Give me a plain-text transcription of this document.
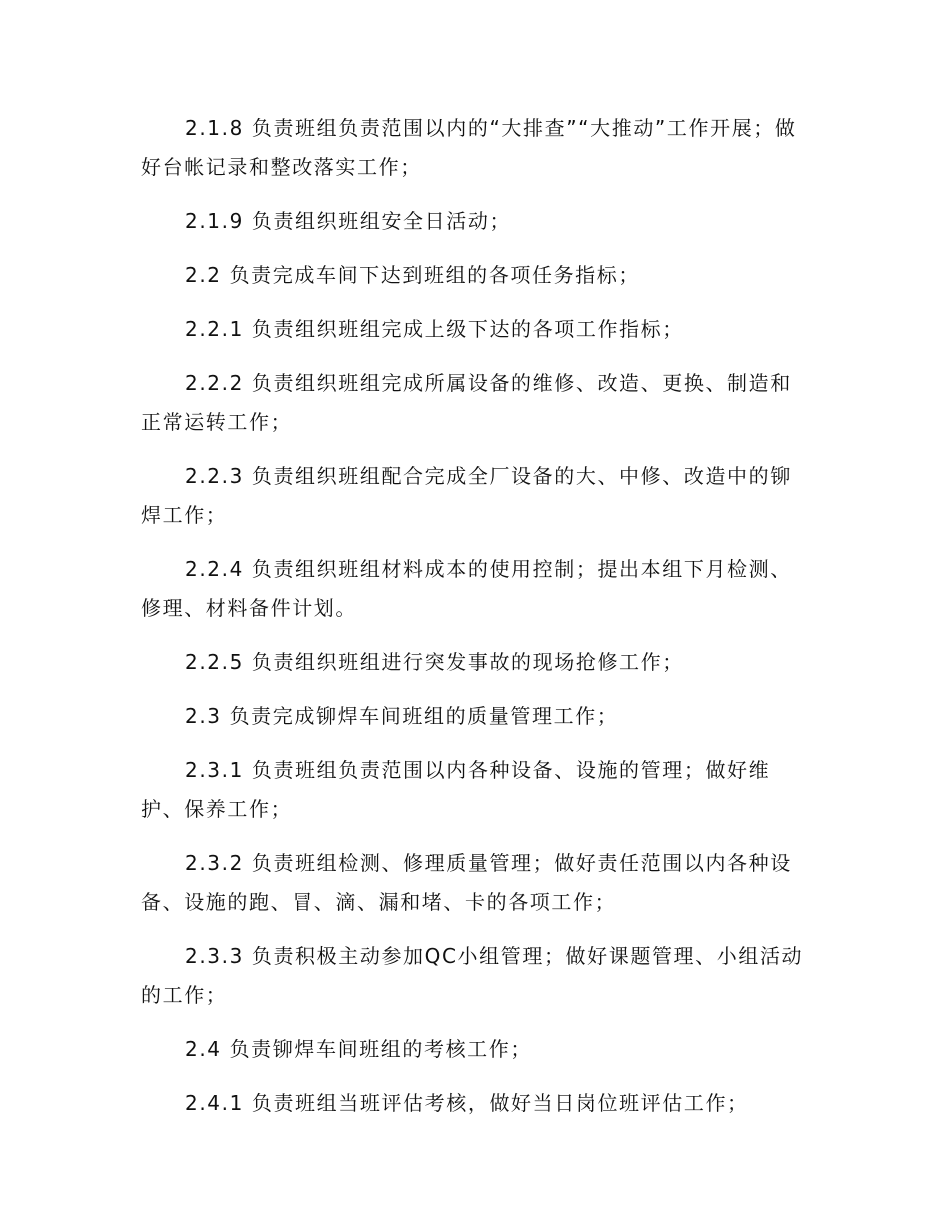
2.1.8 负责班组负责范围以内的“大排查”“大推动”工作开展；做好台帐记录和整改落实工作；

2.1.9 负责组织班组安全日活动；

2.2 负责完成车间下达到班组的各项任务指标；

2.2.1 负责组织班组完成上级下达的各项工作指标；

2.2.2 负责组织班组完成所属设备的维修、改造、更换、制造和正常运转工作；

2.2.3 负责组织班组配合完成全厂设备的大、中修、改造中的铆焊工作；

2.2.4 负责组织班组材料成本的使用控制；提出本组下月检测、修理、材料备件计划。

2.2.5 负责组织班组进行突发事故的现场抢修工作；

2.3 负责完成铆焊车间班组的质量管理工作；

2.3.1 负责班组负责范围以内各种设备、设施的管理；做好维护、保养工作；

2.3.2 负责班组检测、修理质量管理；做好责任范围以内各种设备、设施的跑、冒、滴、漏和堵、卡的各项工作；

2.3.3 负责积极主动参加QC小组管理；做好课题管理、小组活动的工作；

2.4 负责铆焊车间班组的考核工作；

2.4.1 负责班组当班评估考核，做好当日岗位班评估工作；
